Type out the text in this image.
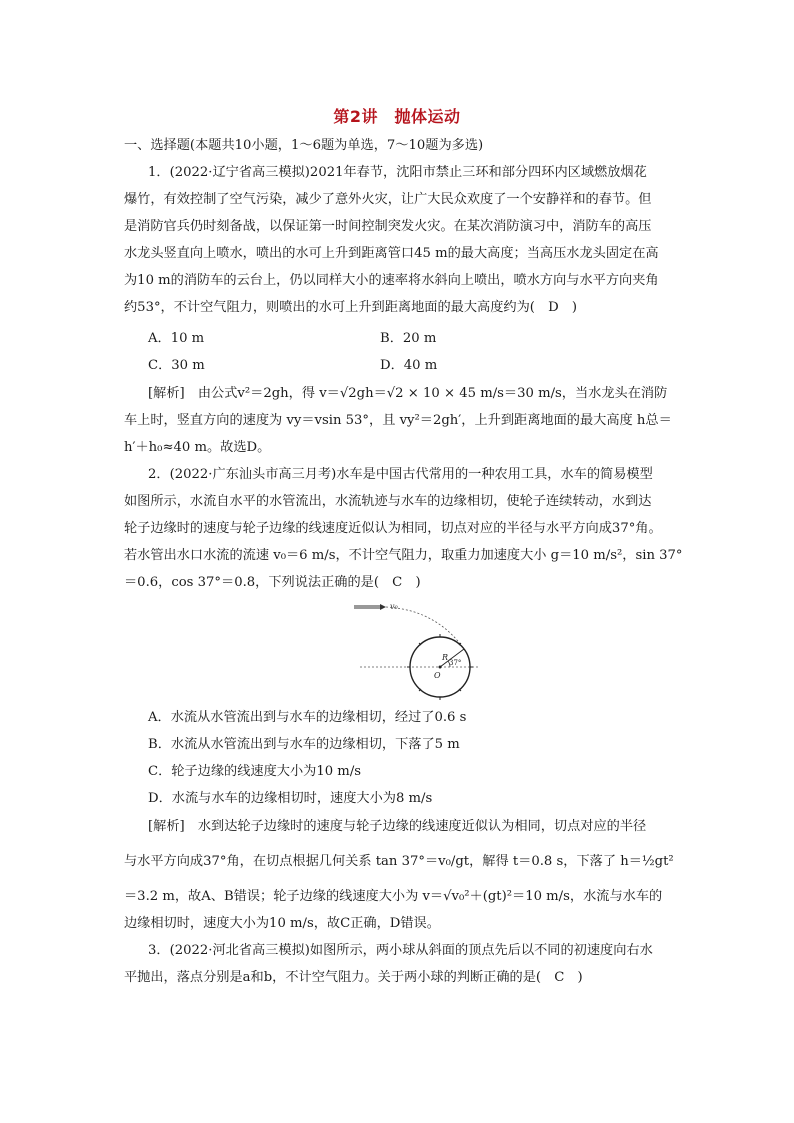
第2讲　抛体运动
一、选择题(本题共10小题，1～6题为单选，7～10题为多选)
1．(2022·辽宁省高三模拟)2021年春节，沈阳市禁止三环和部分四环内区域燃放烟花
爆竹，有效控制了空气污染，减少了意外火灾，让广大民众欢度了一个安静祥和的春节。但
是消防官兵仍时刻备战，以保证第一时间控制突发火灾。在某次消防演习中，消防车的高压
水龙头竖直向上喷水，喷出的水可上升到距离管口45 m的最大高度；当高压水龙头固定在高
为10 m的消防车的云台上，仍以同样大小的速率将水斜向上喷出，喷水方向与水平方向夹角
约53°，不计空气阻力，则喷出的水可上升到距离地面的最大高度约为(　D　)
A．10 m	B．20 m
C．30 m	D．40 m
[解析]　由公式v²＝2gh，得 v＝√2gh＝√2 × 10 × 45 m/s＝30 m/s，当水龙头在消防
车上时，竖直方向的速度为 vy＝vsin 53°，且 vy²＝2gh′，上升到距离地面的最大高度 h总＝
h′＋h₀≈40 m。故选D。
2．(2022·广东汕头市高三月考)水车是中国古代常用的一种农用工具，水车的简易模型
如图所示，水流自水平的水管流出，水流轨迹与水车的边缘相切，使轮子连续转动，水到达
轮子边缘时的速度与轮子边缘的线速度近似认为相同，切点对应的半径与水平方向成37°角。
若水管出水口水流的流速 v₀＝6 m/s，不计空气阻力，取重力加速度大小 g＝10 m/s²，sin 37°
＝0.6，cos 37°＝0.8，下列说法正确的是(　C　)
v₀
R
37°
O
A．水流从水管流出到与水车的边缘相切，经过了0.6 s
B．水流从水管流出到与水车的边缘相切，下落了5 m
C．轮子边缘的线速度大小为10 m/s
D．水流与水车的边缘相切时，速度大小为8 m/s
[解析]　水到达轮子边缘时的速度与轮子边缘的线速度近似认为相同，切点对应的半径
与水平方向成37°角，在切点根据几何关系 tan 37°＝v₀/gt，解得 t＝0.8 s，下落了 h＝½gt²
＝3.2 m，故A、B错误；轮子边缘的线速度大小为 v＝√v₀²＋(gt)²＝10 m/s，水流与水车的
边缘相切时，速度大小为10 m/s，故C正确，D错误。
3．(2022·河北省高三模拟)如图所示，两小球从斜面的顶点先后以不同的初速度向右水
平抛出，落点分别是a和b，不计空气阻力。关于两小球的判断正确的是(　C　)
